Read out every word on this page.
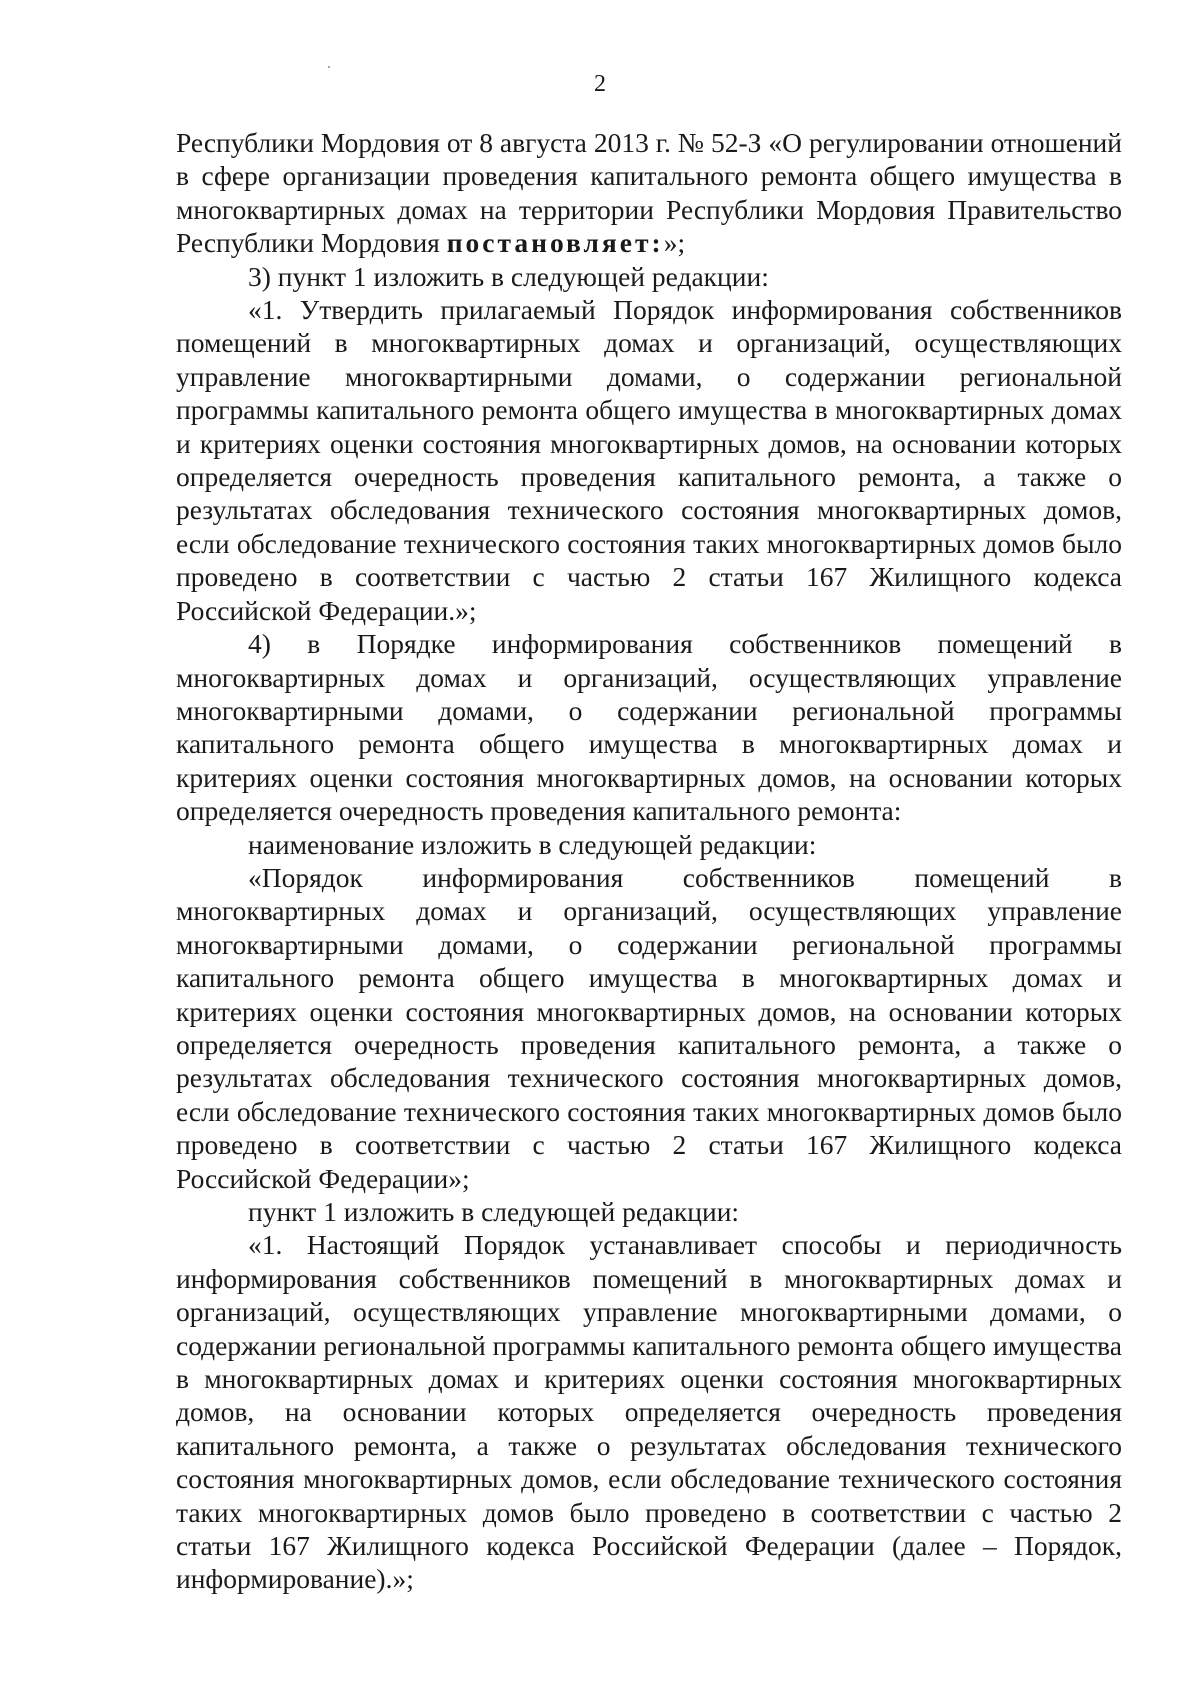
2

Республики Мордовия от 8 августа 2013 г. № 52-З «О регулировании отношений в сфере организации проведения капитального ремонта общего имущества в многоквартирных домах на территории Республики Мордовия Правительство Республики Мордовия постановляет:»;

3) пункт 1 изложить в следующей редакции:

«1. Утвердить прилагаемый Порядок информирования собственников помещений в многоквартирных домах и организаций, осуществляющих управление многоквартирными домами, о содержании региональной программы капитального ремонта общего имущества в многоквартирных домах и критериях оценки состояния многоквартирных домов, на основании которых определяется очередность проведения капитального ремонта, а также о результатах обследования технического состояния многоквартирных домов, если обследование технического состояния таких многоквартирных домов было проведено в соответствии с частью 2 статьи 167 Жилищного кодекса Российской Федерации.»;

4) в Порядке информирования собственников помещений в многоквартирных домах и организаций, осуществляющих управление многоквартирными домами, о содержании региональной программы капитального ремонта общего имущества в многоквартирных домах и критериях оценки состояния многоквартирных домов, на основании которых определяется очередность проведения капитального ремонта:

наименование изложить в следующей редакции:

«Порядок информирования собственников помещений в многоквартирных домах и организаций, осуществляющих управление многоквартирными домами, о содержании региональной программы капитального ремонта общего имущества в многоквартирных домах и критериях оценки состояния многоквартирных домов, на основании которых определяется очередность проведения капитального ремонта, а также о результатах обследования технического состояния многоквартирных домов, если обследование технического состояния таких многоквартирных домов было проведено в соответствии с частью 2 статьи 167 Жилищного кодекса Российской Федерации»;

пункт 1 изложить в следующей редакции:

«1. Настоящий Порядок устанавливает способы и периодичность информирования собственников помещений в многоквартирных домах и организаций, осуществляющих управление многоквартирными домами, о содержании региональной программы капитального ремонта общего имущества в многоквартирных домах и критериях оценки состояния многоквартирных домов, на основании которых определяется очередность проведения капитального ремонта, а также о результатах обследования технического состояния многоквартирных домов, если обследование технического состояния таких многоквартирных домов было проведено в соответствии с частью 2 статьи 167 Жилищного кодекса Российской Федерации (далее – Порядок, информирование).»;
